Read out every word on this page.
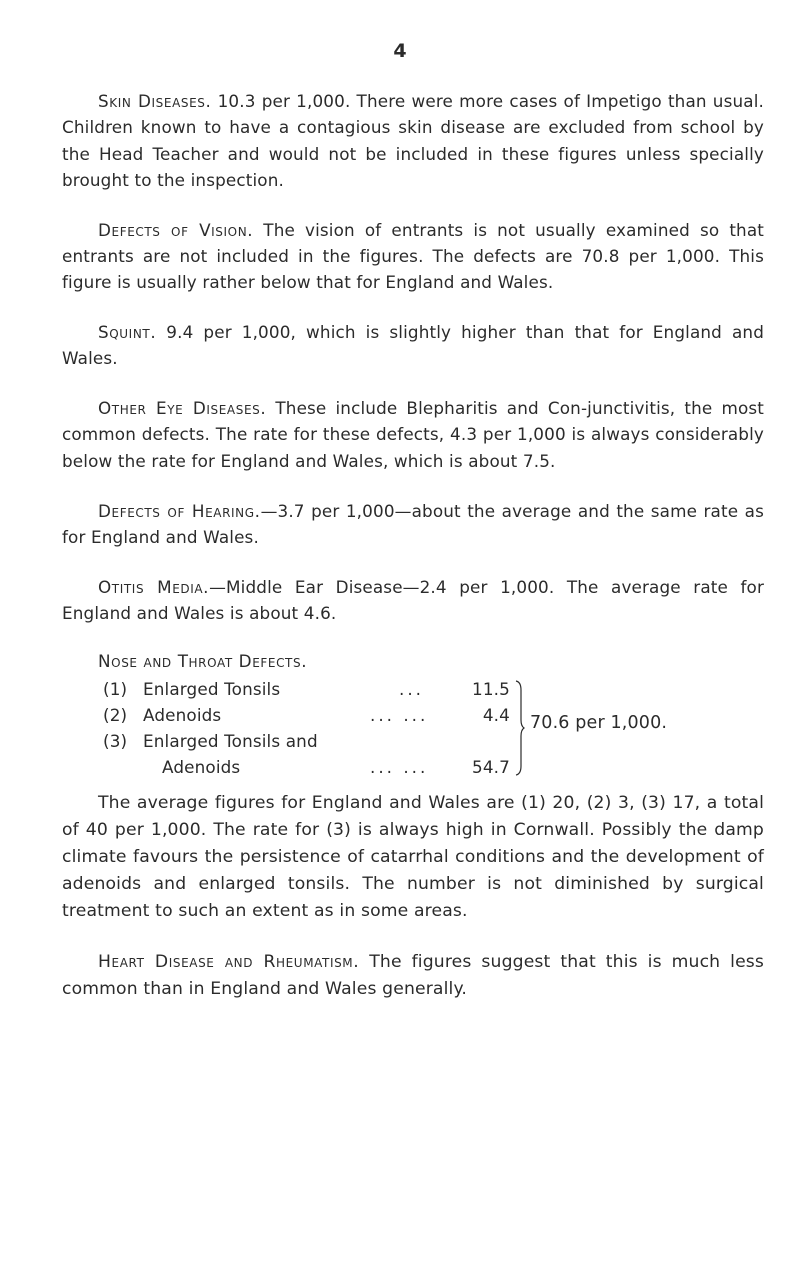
4

Skin Diseases. 10.3 per 1,000. There were more cases of Impetigo than usual. Children known to have a contagious skin disease are excluded from school by the Head Teacher and would not be included in these figures unless specially brought to the inspection.

Defects of Vision. The vision of entrants is not usually examined so that entrants are not included in the figures. The defects are 70.8 per 1,000. This figure is usually rather below that for England and Wales.

Squint. 9.4 per 1,000, which is slightly higher than that for England and Wales.

Other Eye Diseases. These include Blepharitis and Con-junctivitis, the most common defects. The rate for these defects, 4.3 per 1,000 is always considerably below the rate for England and Wales, which is about 7.5.

Defects of Hearing.—3.7 per 1,000—about the average and the same rate as for England and Wales.

Otitis Media.—Middle Ear Disease—2.4 per 1,000. The average rate for England and Wales is about 4.6.

Nose and Throat Defects.

(1) Enlarged Tonsils	...	11.5
(2) Adenoids	... ...	4.4
(3) Enlarged Tonsils and
Adenoids	... ...	54.7
70.6 per 1,000.

The average figures for England and Wales are (1) 20, (2) 3, (3) 17, a total of 40 per 1,000. The rate for (3) is always high in Cornwall. Possibly the damp climate favours the persistence of catarrhal conditions and the development of adenoids and enlarged tonsils. The number is not diminished by surgical treatment to such an extent as in some areas.

Heart Disease and Rheumatism. The figures suggest that this is much less common than in England and Wales generally.
